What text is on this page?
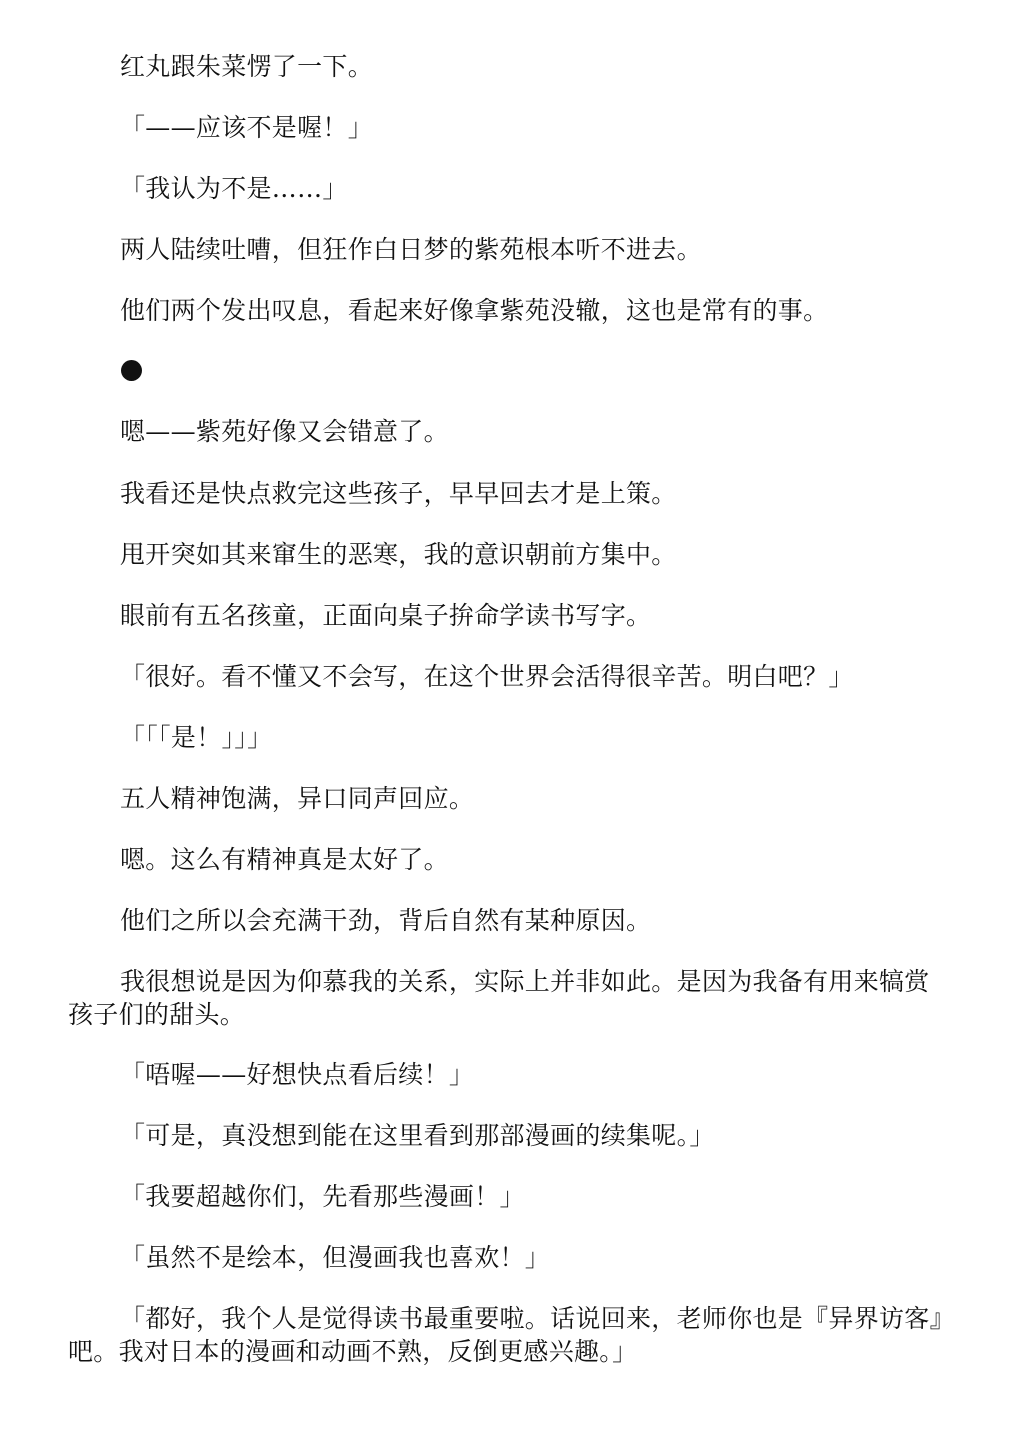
红丸跟朱菜愣了一下。

「——应该不是喔！」

「我认为不是……」

两人陆续吐嘈，但狂作白日梦的紫苑根本听不进去。

他们两个发出叹息，看起来好像拿紫苑没辙，这也是常有的事。

嗯——紫苑好像又会错意了。

我看还是快点救完这些孩子，早早回去才是上策。

甩开突如其来窜生的恶寒，我的意识朝前方集中。

眼前有五名孩童，正面向桌子拚命学读书写字。

「很好。看不懂又不会写，在这个世界会活得很辛苦。明白吧？」

「「「是！」」」

五人精神饱满，异口同声回应。

嗯。这么有精神真是太好了。

他们之所以会充满干劲，背后自然有某种原因。

我很想说是因为仰慕我的关系，实际上并非如此。是因为我备有用来犒赏孩子们的甜头。

「唔喔——好想快点看后续！」

「可是，真没想到能在这里看到那部漫画的续集呢。」

「我要超越你们，先看那些漫画！」

「虽然不是绘本，但漫画我也喜欢！」

「都好，我个人是觉得读书最重要啦。话说回来，老师你也是『异界访客』吧。我对日本的漫画和动画不熟，反倒更感兴趣。」
